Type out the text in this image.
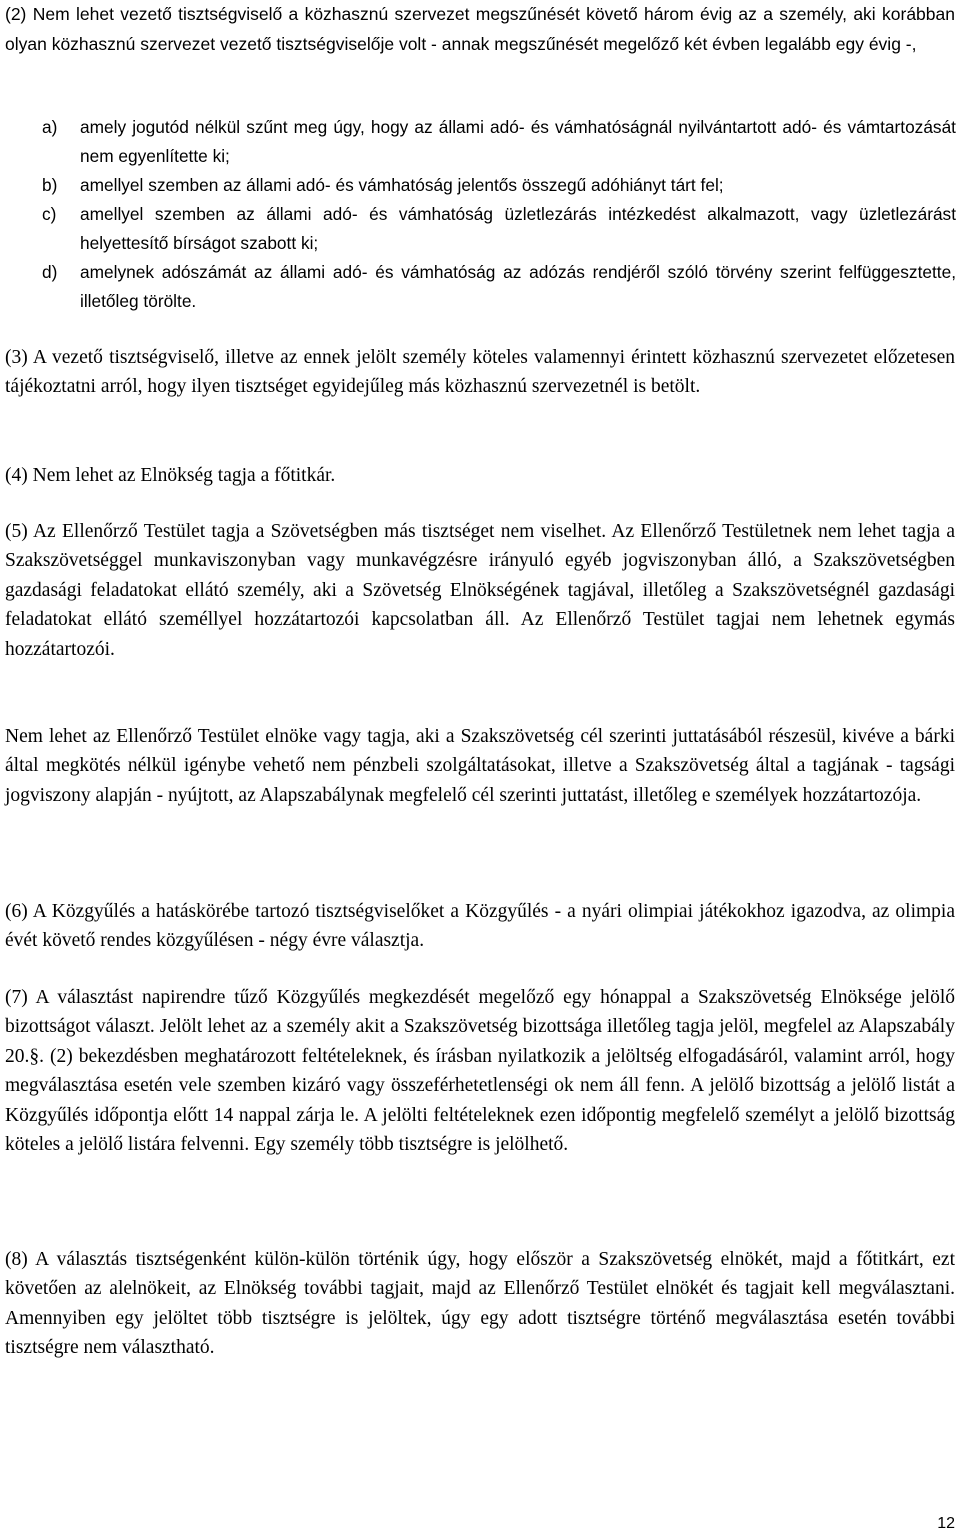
(2) Nem lehet vezető tisztségviselő a közhasznú szervezet megszűnését követő három évig az a személy, aki korábban olyan közhasznú szervezet vezető tisztségviselője volt - annak megszűnését megelőző két évben legalább egy évig -,

a) amely jogutód nélkül szűnt meg úgy, hogy az állami adó- és vámhatóságnál nyilvántartott adó- és vámtartozását nem egyenlítette ki;
b) amellyel szemben az állami adó- és vámhatóság jelentős összegű adóhiányt tárt fel;
c) amellyel szemben az állami adó- és vámhatóság üzletlezárás intézkedést alkalmazott, vagy üzletlezárást helyettesítő bírságot szabott ki;
d) amelynek adószámát az állami adó- és vámhatóság az adózás rendjéről szóló törvény szerint felfüggesztette, illetőleg törölte.

(3) A vezető tisztségviselő, illetve az ennek jelölt személy köteles valamennyi érintett közhasznú szervezetet előzetesen tájékoztatni arról, hogy ilyen tisztséget egyidejűleg más közhasznú szervezetnél is betölt.

(4) Nem lehet az Elnökség tagja a főtitkár.

(5) Az Ellenőrző Testület tagja a Szövetségben más tisztséget nem viselhet. Az Ellenőrző Testületnek nem lehet tagja a Szakszövetséggel munkaviszonyban vagy munkavégzésre irányuló egyéb jogviszonyban álló, a Szakszövetségben gazdasági feladatokat ellátó személy, aki a Szövetség Elnökségének tagjával, illetőleg a Szakszövetségnél gazdasági feladatokat ellátó személlyel hozzátartozói kapcsolatban áll. Az Ellenőrző Testület tagjai nem lehetnek egymás hozzátartozói.

Nem lehet az Ellenőrző Testület elnöke vagy tagja, aki a Szakszövetség cél szerinti juttatásából részesül, kivéve a bárki által megkötés nélkül igénybe vehető nem pénzbeli szolgáltatásokat, illetve a Szakszövetség által a tagjának - tagsági jogviszony alapján - nyújtott, az Alapszabálynak megfelelő cél szerinti juttatást, illetőleg e személyek hozzátartozója.

(6) A Közgyűlés a hatáskörébe tartozó tisztségviselőket a Közgyűlés - a nyári olimpiai játékokhoz igazodva, az olimpia évét követő rendes közgyűlésen - négy évre választja.

(7) A választást napirendre tűző Közgyűlés megkezdését megelőző egy hónappal a Szakszövetség Elnöksége jelölő bizottságot választ. Jelölt lehet az a személy akit a Szakszövetség bizottsága illetőleg tagja jelöl, megfelel az Alapszabály 20.§. (2) bekezdésben meghatározott feltételeknek, és írásban nyilatkozik a jelöltség elfogadásáról, valamint arról, hogy megválasztása esetén vele szemben kizáró vagy összeférhetetlenségi ok nem áll fenn. A jelölő bizottság a jelölő listát a Közgyűlés időpontja előtt 14 nappal zárja le. A jelölti feltételeknek ezen időpontig megfelelő személyt a jelölő bizottság köteles a jelölő listára felvenni. Egy személy több tisztségre is jelölhető.

(8) A választás tisztségenként külön-külön történik úgy, hogy először a Szakszövetség elnökét, majd a főtitkárt, ezt követően az alelnökeit, az Elnökség további tagjait, majd az Ellenőrző Testület elnökét és tagjait kell megválasztani. Amennyiben egy jelöltet több tisztségre is jelöltek, úgy egy adott tisztségre történő megválasztása esetén további tisztségre nem választható.

12
